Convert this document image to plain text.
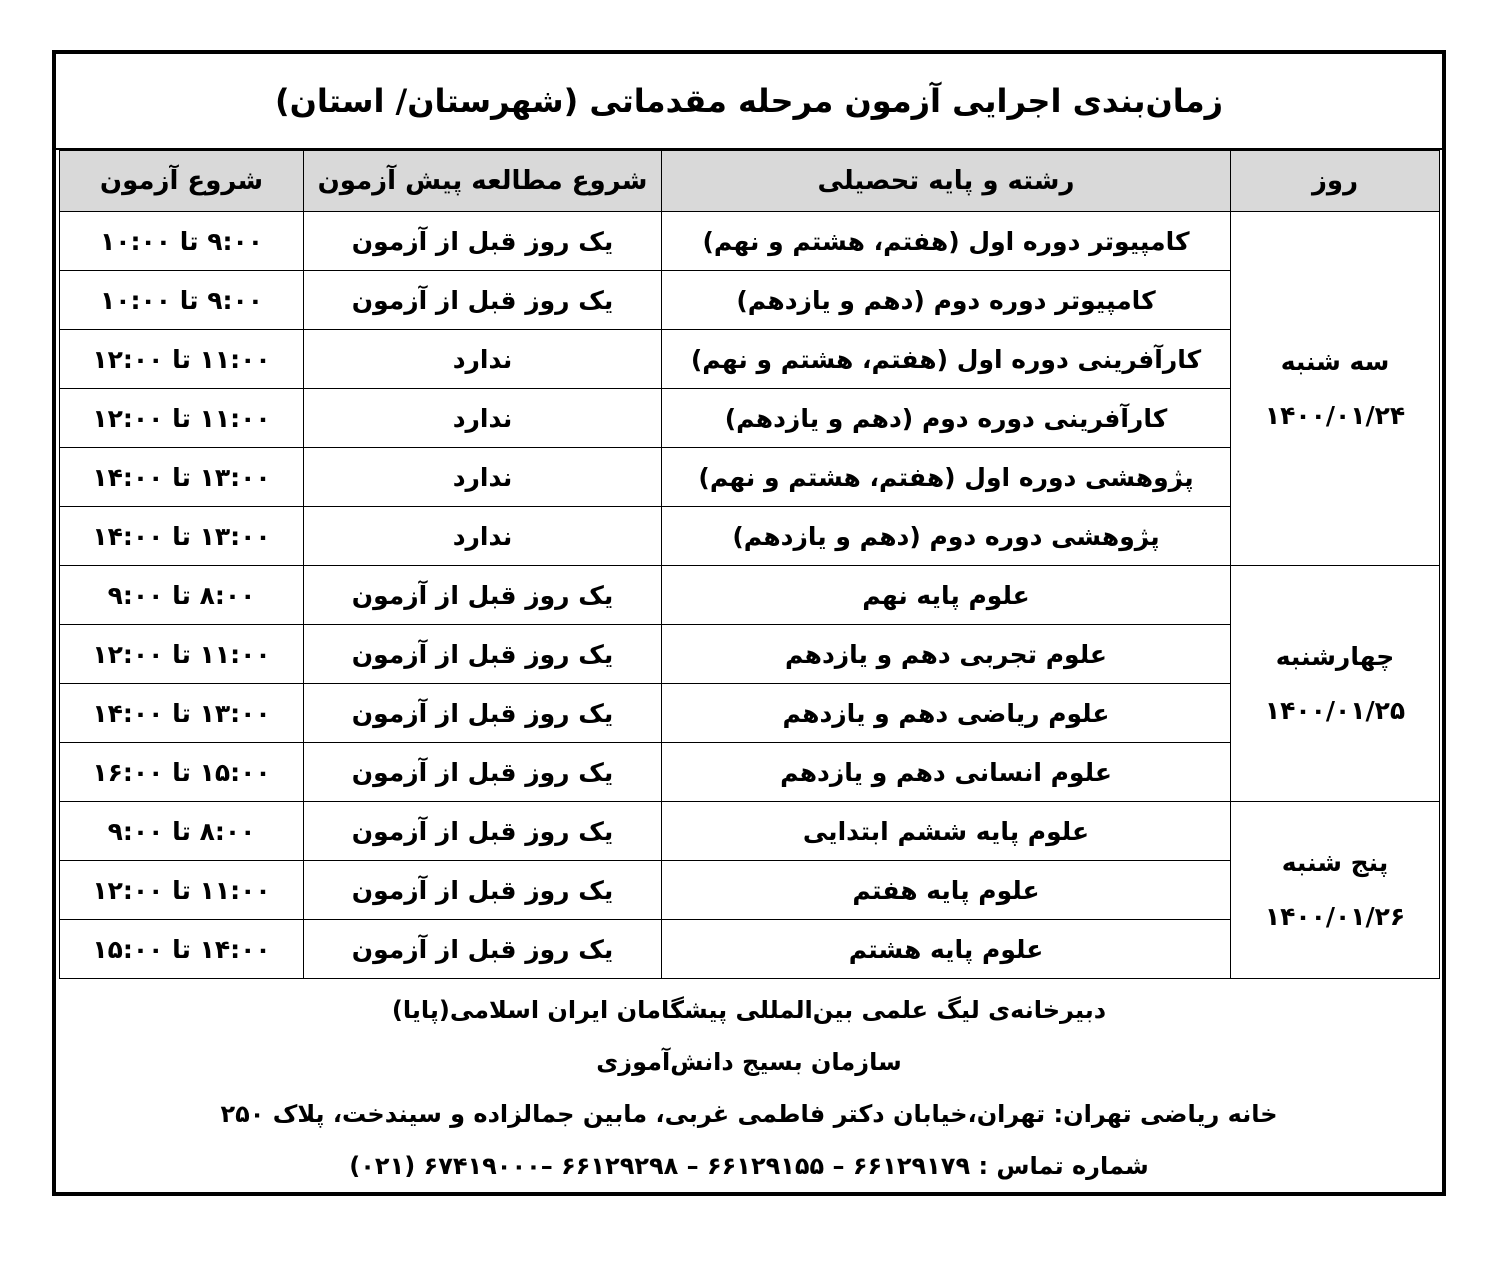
زمان‌بندی اجرایی آزمون مرحله مقدماتی (شهرستان/ استان)
روز	رشته و پایه تحصیلی	شروع مطالعه پیش آزمون	شروع آزمون

سه شنبه
۱۴۰۰/۰۱/۲۴	کامپیوتر دوره اول (هفتم، هشتم و نهم)	یک روز قبل از آزمون	۹:۰۰ تا ۱۰:۰۰
	کامپیوتر دوره دوم (دهم و یازدهم)	یک روز قبل از آزمون	۹:۰۰ تا ۱۰:۰۰
	کارآفرینی دوره اول (هفتم، هشتم و نهم)	ندارد	۱۱:۰۰ تا ۱۲:۰۰
	کارآفرینی دوره دوم (دهم و یازدهم)	ندارد	۱۱:۰۰ تا ۱۲:۰۰
	پژوهشی دوره اول (هفتم، هشتم و نهم)	ندارد	۱۳:۰۰ تا ۱۴:۰۰
	پژوهشی دوره دوم (دهم و یازدهم)	ندارد	۱۳:۰۰ تا ۱۴:۰۰

چهارشنبه
۱۴۰۰/۰۱/۲۵	علوم پایه نهم	یک روز قبل از آزمون	۸:۰۰ تا ۹:۰۰
	علوم تجربی دهم و یازدهم	یک روز قبل از آزمون	۱۱:۰۰ تا ۱۲:۰۰
	علوم ریاضی دهم و یازدهم	یک روز قبل از آزمون	۱۳:۰۰ تا ۱۴:۰۰
	علوم انسانی دهم و یازدهم	یک روز قبل از آزمون	۱۵:۰۰ تا ۱۶:۰۰

پنج شنبه
۱۴۰۰/۰۱/۲۶	علوم پایه ششم ابتدایی	یک روز قبل از آزمون	۸:۰۰ تا ۹:۰۰
	علوم پایه هفتم	یک روز قبل از آزمون	۱۱:۰۰ تا ۱۲:۰۰
	علوم پایه هشتم	یک روز قبل از آزمون	۱۴:۰۰ تا ۱۵:۰۰
دبیرخانه‌ی لیگ علمی بین‌المللی پیشگامان ایران اسلامی(پایا)
سازمان بسیج دانش‌آموزی
خانه ریاضی تهران: تهران،خیابان دکتر فاطمی غربی، مابین جمالزاده و سیندخت، پلاک ۲۵۰
شماره تماس : ۶۶۱۲۹۱۷۹ – ۶۶۱۲۹۱۵۵ – ۶۶۱۲۹۲۹۸ –۶۷۴۱۹۰۰۰ (۰۲۱)
